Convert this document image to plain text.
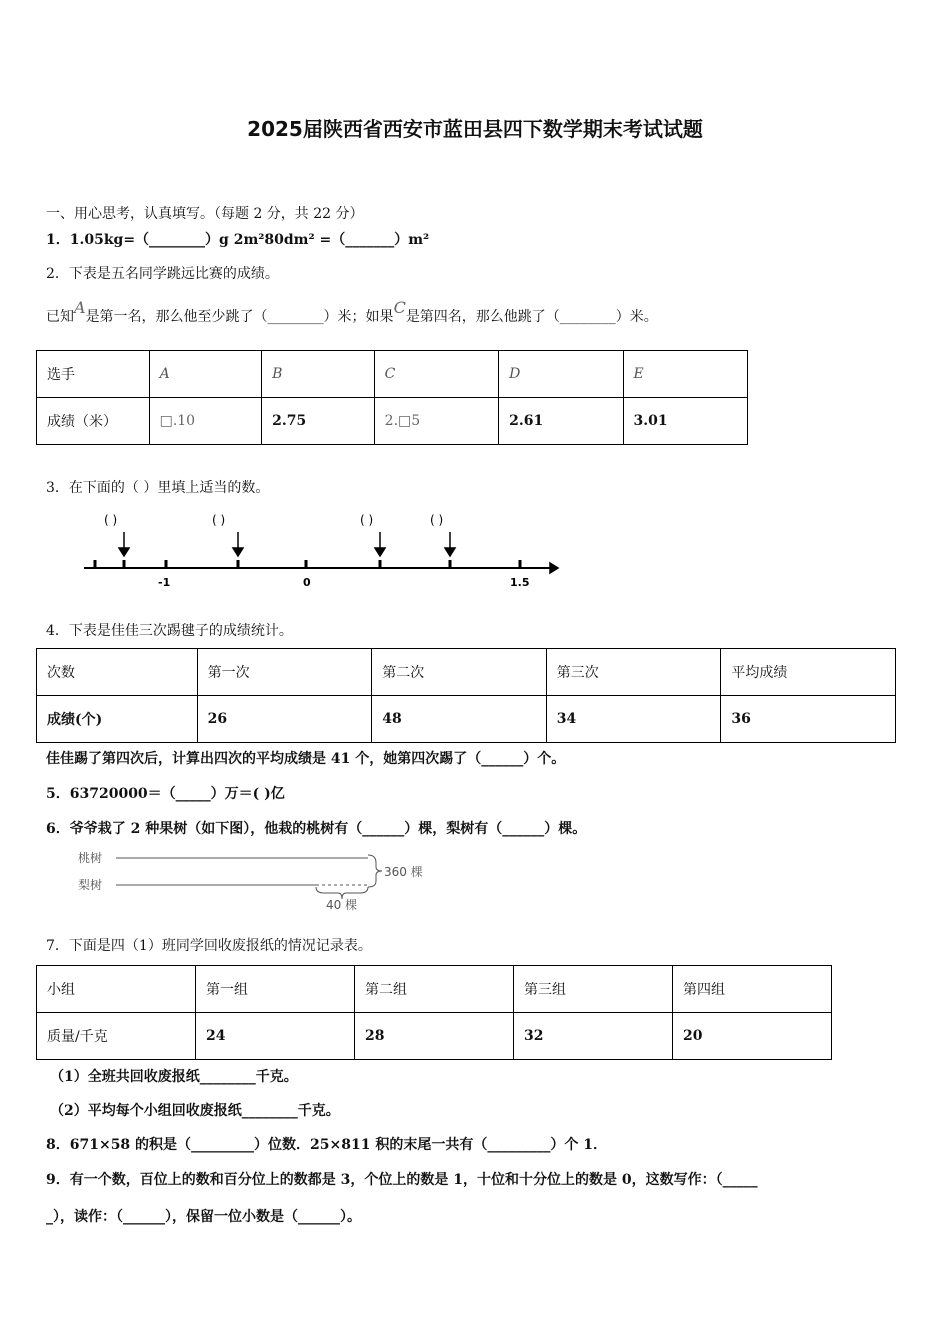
2025届陕西省西安市蓝田县四下数学期末考试试题
一、用心思考，认真填写。（每题 2 分，共 22 分）
1．1.05kg=（________）g 2m²80dm² =（_______）m²
2．下表是五名同学跳远比赛的成绩。
已知A是第一名，那么他至少跳了（________）米；如果C是第四名，那么他跳了（________）米。
选手	A	B	C	D	E
成绩（米）	□.10	2.75	2.□5	2.61	3.01
3．在下面的（ ）里填上适当的数。
( )	( )	( )	( )
-1	0	1.5
4．下表是佳佳三次踢毽子的成绩统计。
次数	第一次	第二次	第三次	平均成绩
成绩(个)	26	48	34	36
佳佳踢了第四次后，计算出四次的平均成绩是 41 个，她第四次踢了（______）个。
5．63720000＝（_____）万＝( )亿
6．爷爷栽了 2 种果树（如下图），他栽的桃树有（______）棵，梨树有（______）棵。
桃树
梨树
360 棵
40 棵
7．下面是四（1）班同学回收废报纸的情况记录表。
小组	第一组	第二组	第三组	第四组
质量/千克	24	28	32	20
（1）全班共回收废报纸________千克。
（2）平均每个小组回收废报纸________千克。
8．671×58 的积是（_________）位数．25×811 积的末尾一共有（_________）个 1．
9．有一个数，百位上的数和百分位上的数都是 3，个位上的数是 1，十位和十分位上的数是 0，这数写作：（_____
_），读作：（______），保留一位小数是（______）。
